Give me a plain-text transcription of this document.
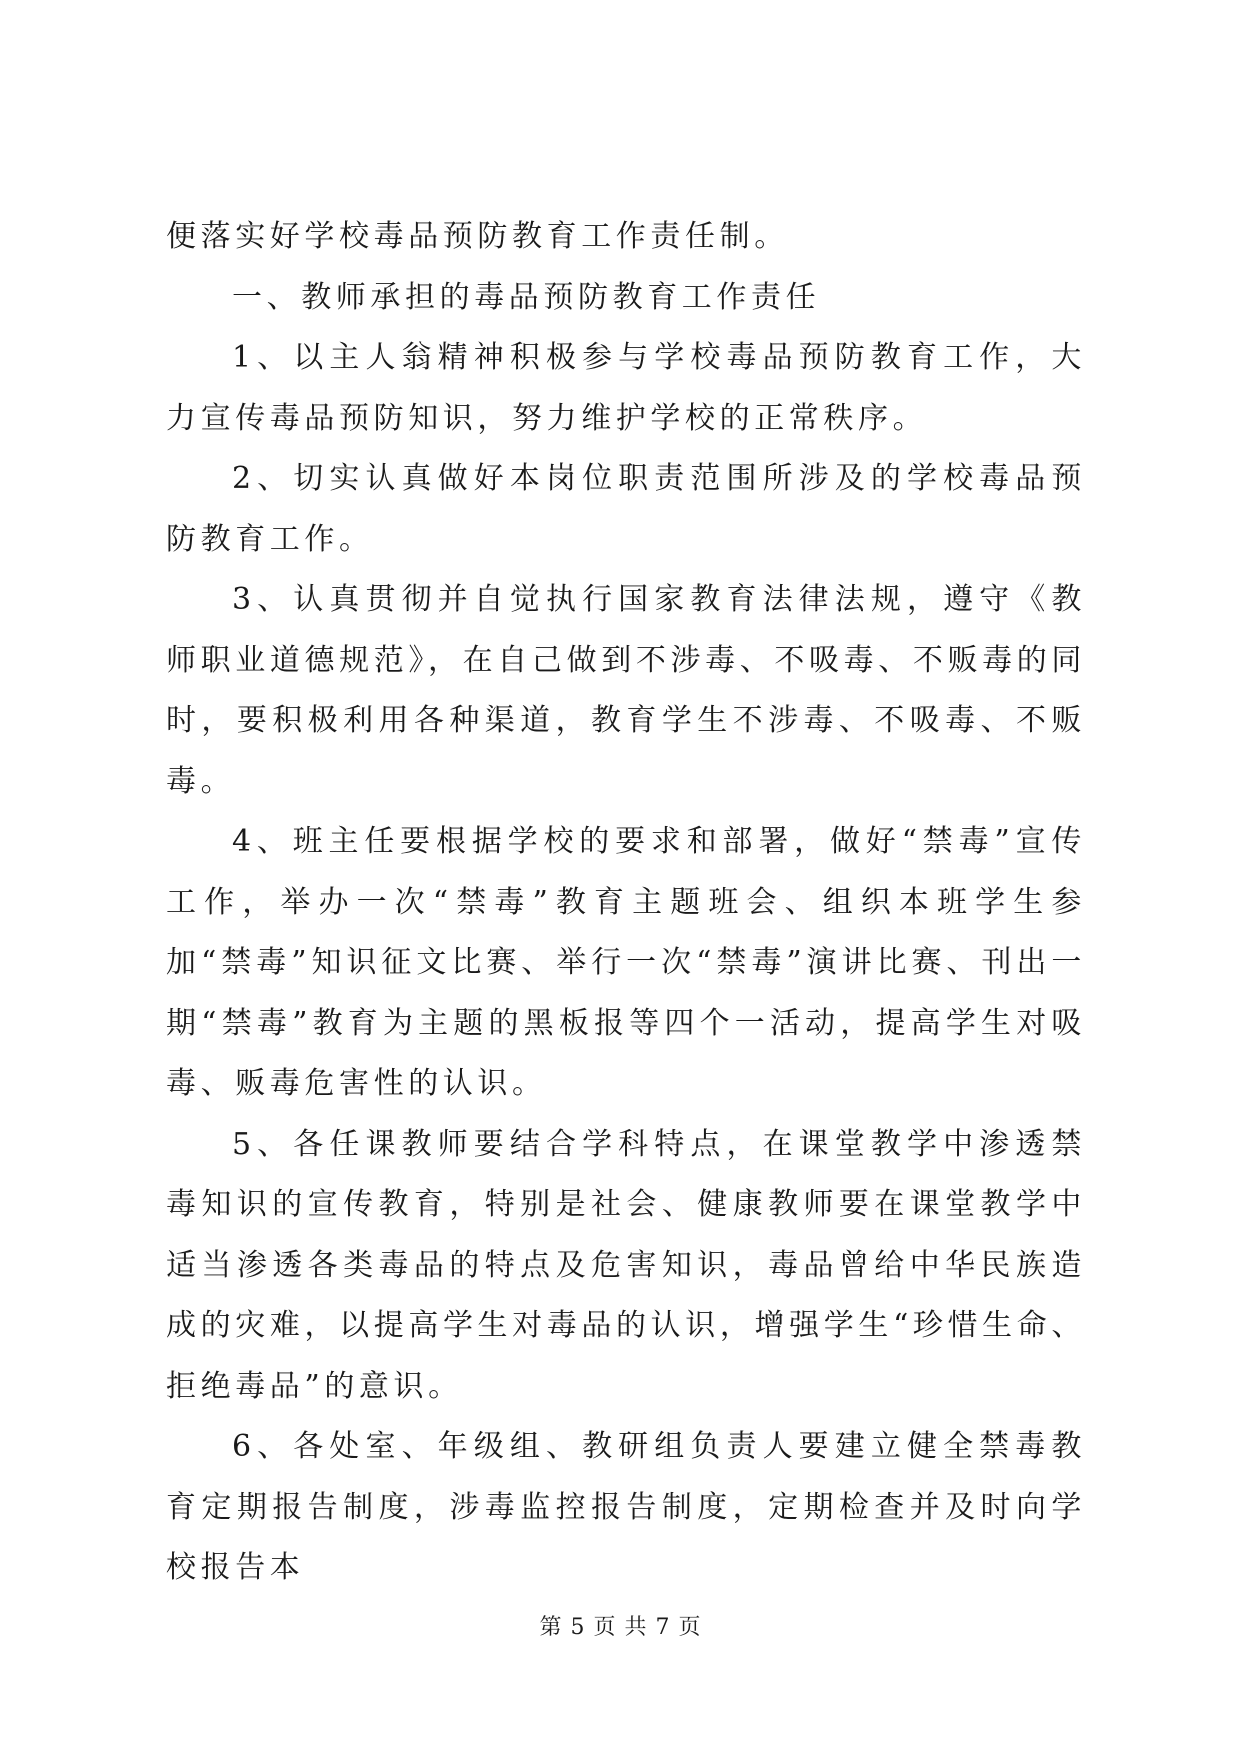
便落实好学校毒品预防教育工作责任制。

一、教师承担的毒品预防教育工作责任

1、以主人翁精神积极参与学校毒品预防教育工作，大力宣传毒品预防知识，努力维护学校的正常秩序。

2、切实认真做好本岗位职责范围所涉及的学校毒品预防教育工作。

3、认真贯彻并自觉执行国家教育法律法规，遵守《教师职业道德规范》，在自己做到不涉毒、不吸毒、不贩毒的同时，要积极利用各种渠道，教育学生不涉毒、不吸毒、不贩毒。

4、班主任要根据学校的要求和部署，做好“禁毒”宣传工作，举办一次“禁毒”教育主题班会、组织本班学生参加“禁毒”知识征文比赛、举行一次“禁毒”演讲比赛、刊出一期“禁毒”教育为主题的黑板报等四个一活动，提高学生对吸毒、贩毒危害性的认识。

5、各任课教师要结合学科特点，在课堂教学中渗透禁毒知识的宣传教育，特别是社会、健康教师要在课堂教学中适当渗透各类毒品的特点及危害知识，毒品曾给中华民族造成的灾难，以提高学生对毒品的认识，增强学生“珍惜生命、拒绝毒品”的意识。

6、各处室、年级组、教研组负责人要建立健全禁毒教育定期报告制度，涉毒监控报告制度，定期检查并及时向学校报告本

第 5 页 共 7 页
